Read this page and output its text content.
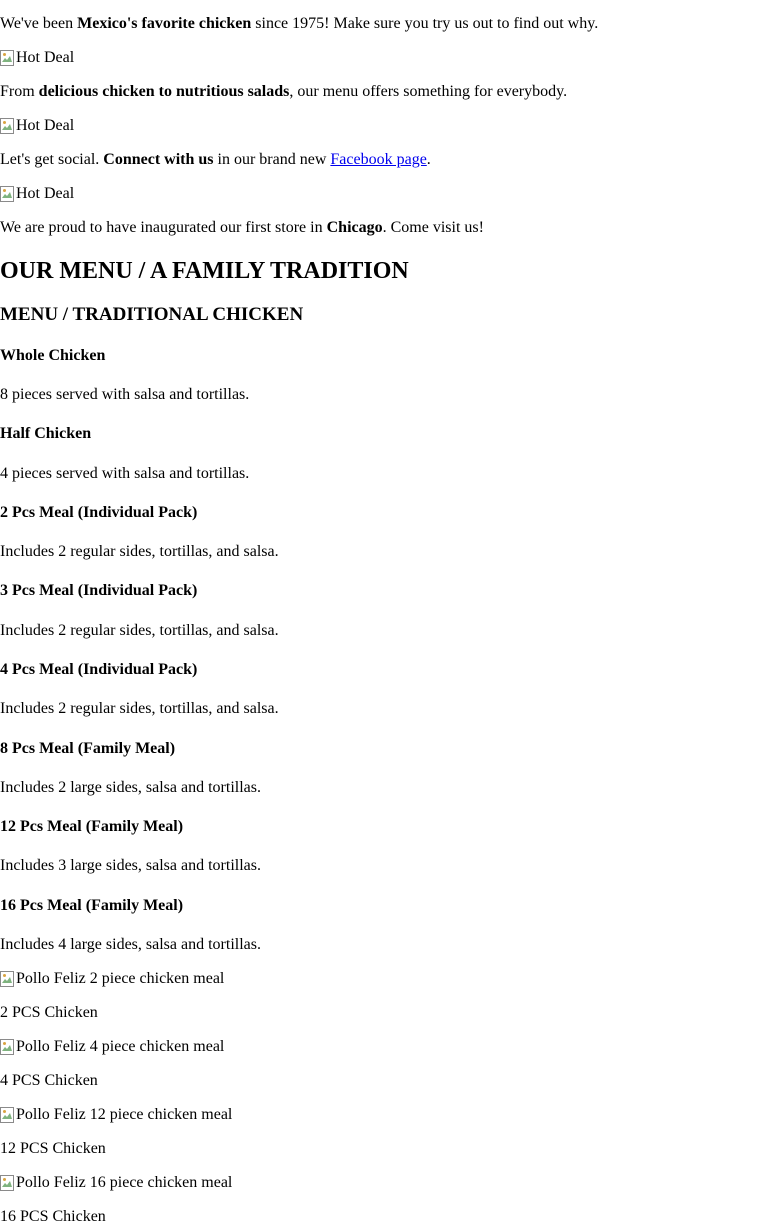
We've been Mexico's favorite chicken since 1975! Make sure you try us out to find out why.

Hot Deal

From delicious chicken to nutritious salads, our menu offers something for everybody.

Hot Deal

Let's get social. Connect with us in our brand new Facebook page.

Hot Deal

We are proud to have inaugurated our first store in Chicago. Come visit us!

OUR MENU / A FAMILY TRADITION
MENU / TRADITIONAL CHICKEN

Whole Chicken

8 pieces served with salsa and tortillas.

Half Chicken

4 pieces served with salsa and tortillas.

2 Pcs Meal (Individual Pack)

Includes 2 regular sides, tortillas, and salsa.

3 Pcs Meal (Individual Pack)

Includes 2 regular sides, tortillas, and salsa.

4 Pcs Meal (Individual Pack)

Includes 2 regular sides, tortillas, and salsa.

8 Pcs Meal (Family Meal)

Includes 2 large sides, salsa and tortillas.

12 Pcs Meal (Family Meal)

Includes 3 large sides, salsa and tortillas.

16 Pcs Meal (Family Meal)

Includes 4 large sides, salsa and tortillas.

Pollo Feliz 2 piece chicken meal

2 PCS Chicken

Pollo Feliz 4 piece chicken meal

4 PCS Chicken

Pollo Feliz 12 piece chicken meal

12 PCS Chicken

Pollo Feliz 16 piece chicken meal

16 PCS Chicken
